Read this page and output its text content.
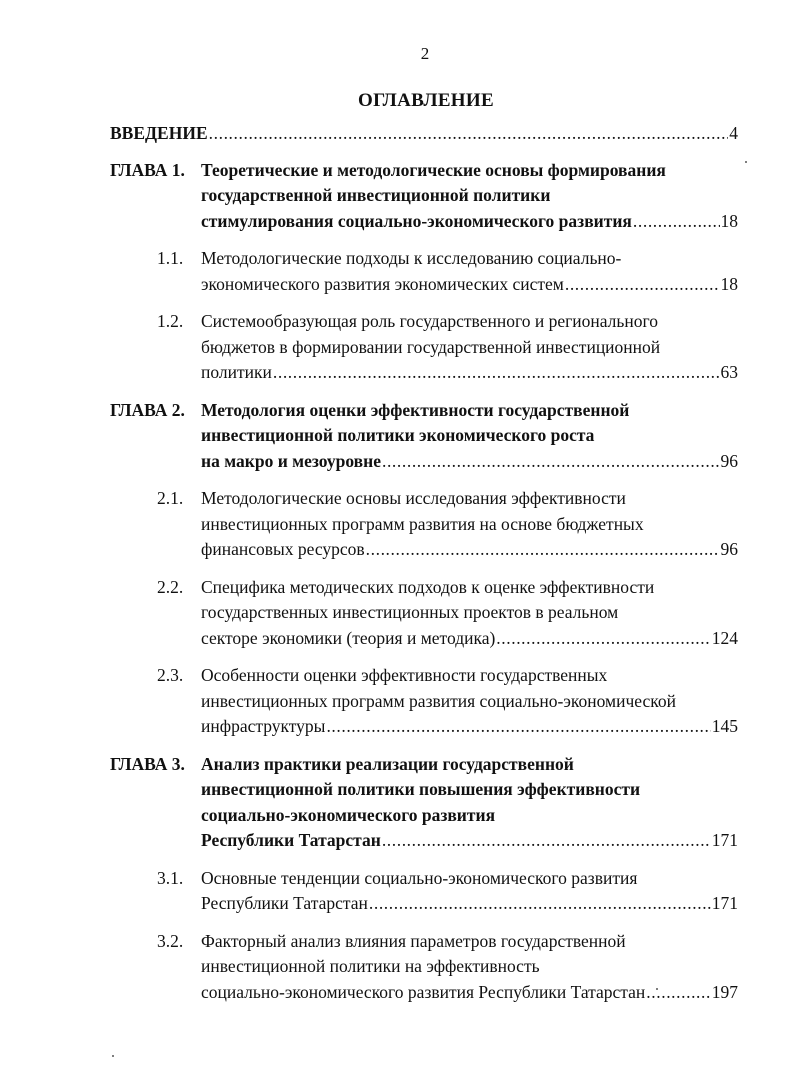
2
ОГЛАВЛЕНИЕ
ВВЕДЕНИЕ .....	4
ГЛАВА 1. Теоретические и методологические основы формирования
государственной инвестиционной политики
стимулирования социально-экономического развития .....	18
1.1. Методологические подходы к исследованию социально-
экономического развития экономических систем .....	18
1.2. Системообразующая роль государственного и регионального
бюджетов в формировании государственной инвестиционной
политики .....	63
ГЛАВА 2. Методология оценки эффективности государственной
инвестиционной политики экономического роста
на макро и мезоуровне .....	96
2.1. Методологические основы исследования эффективности
инвестиционных программ развития на основе бюджетных
финансовых ресурсов .....	96
2.2. Специфика методических подходов к оценке эффективности
государственных инвестиционных проектов в реальном
секторе экономики (теория и методика) .....	124
2.3. Особенности оценки эффективности государственных
инвестиционных программ развития социально-экономической
инфраструктуры .....	145
ГЛАВА 3. Анализ практики реализации государственной
инвестиционной политики повышения эффективности
социально-экономического развития
Республики Татарстан .....	171
3.1. Основные тенденции социально-экономического развития
Республики Татарстан .....	171
3.2. Факторный анализ влияния параметров государственной
инвестиционной политики на эффективность
социально-экономического развития Республики Татарстан .....	197
